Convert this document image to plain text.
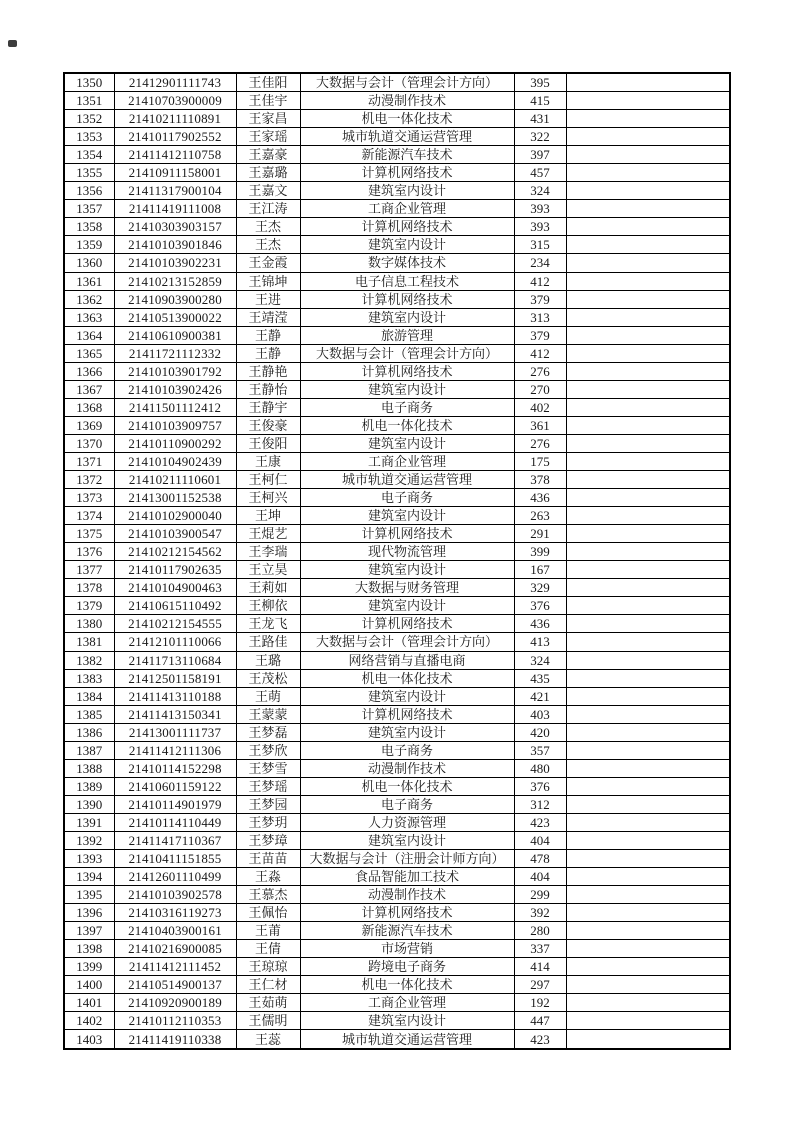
1350	21412901111743	王佳阳	大数据与会计（管理会计方向）	395	
1351	21410703900009	王佳宇	动漫制作技术	415	
1352	21410211110891	王家昌	机电一体化技术	431	
1353	21410117902552	王家瑶	城市轨道交通运营管理	322	
1354	21411412110758	王嘉豪	新能源汽车技术	397	
1355	21410911158001	王嘉璐	计算机网络技术	457	
1356	21411317900104	王嘉文	建筑室内设计	324	
1357	21411419111008	王江涛	工商企业管理	393	
1358	21410303903157	王杰	计算机网络技术	393	
1359	21410103901846	王杰	建筑室内设计	315	
1360	21410103902231	王金霞	数字媒体技术	234	
1361	21410213152859	王锦坤	电子信息工程技术	412	
1362	21410903900280	王进	计算机网络技术	379	
1363	21410513900022	王靖滢	建筑室内设计	313	
1364	21410610900381	王静	旅游管理	379	
1365	21411721112332	王静	大数据与会计（管理会计方向）	412	
1366	21410103901792	王静艳	计算机网络技术	276	
1367	21410103902426	王静怡	建筑室内设计	270	
1368	21411501112412	王静宇	电子商务	402	
1369	21410103909757	王俊豪	机电一体化技术	361	
1370	21410110900292	王俊阳	建筑室内设计	276	
1371	21410104902439	王康	工商企业管理	175	
1372	21410211110601	王柯仁	城市轨道交通运营管理	378	
1373	21413001152538	王柯兴	电子商务	436	
1374	21410102900040	王坤	建筑室内设计	263	
1375	21410103900547	王焜艺	计算机网络技术	291	
1376	21410212154562	王李瑞	现代物流管理	399	
1377	21410117902635	王立昊	建筑室内设计	167	
1378	21410104900463	王莉如	大数据与财务管理	329	
1379	21410615110492	王柳依	建筑室内设计	376	
1380	21410212154555	王龙飞	计算机网络技术	436	
1381	21412101110066	王路佳	大数据与会计（管理会计方向）	413	
1382	21411713110684	王璐	网络营销与直播电商	324	
1383	21412501158191	王茂松	机电一体化技术	435	
1384	21411413110188	王萌	建筑室内设计	421	
1385	21411413150341	王蒙蒙	计算机网络技术	403	
1386	21413001111737	王梦磊	建筑室内设计	420	
1387	21411412111306	王梦欣	电子商务	357	
1388	21410114152298	王梦雪	动漫制作技术	480	
1389	21410601159122	王梦瑶	机电一体化技术	376	
1390	21410114901979	王梦园	电子商务	312	
1391	21410114110449	王梦玥	人力资源管理	423	
1392	21411417110367	王梦璋	建筑室内设计	404	
1393	21410411151855	王苗苗	大数据与会计（注册会计师方向）	478	
1394	21412601110499	王淼	食品智能加工技术	404	
1395	21410103902578	王慕杰	动漫制作技术	299	
1396	21410316119273	王佩怡	计算机网络技术	392	
1397	21410403900161	王莆	新能源汽车技术	280	
1398	21410216900085	王倩	市场营销	337	
1399	21411412111452	王琼琼	跨境电子商务	414	
1400	21410514900137	王仁材	机电一体化技术	297	
1401	21410920900189	王茹萌	工商企业管理	192	
1402	21410112110353	王儒明	建筑室内设计	447	
1403	21411419110338	王蕊	城市轨道交通运营管理	423	
